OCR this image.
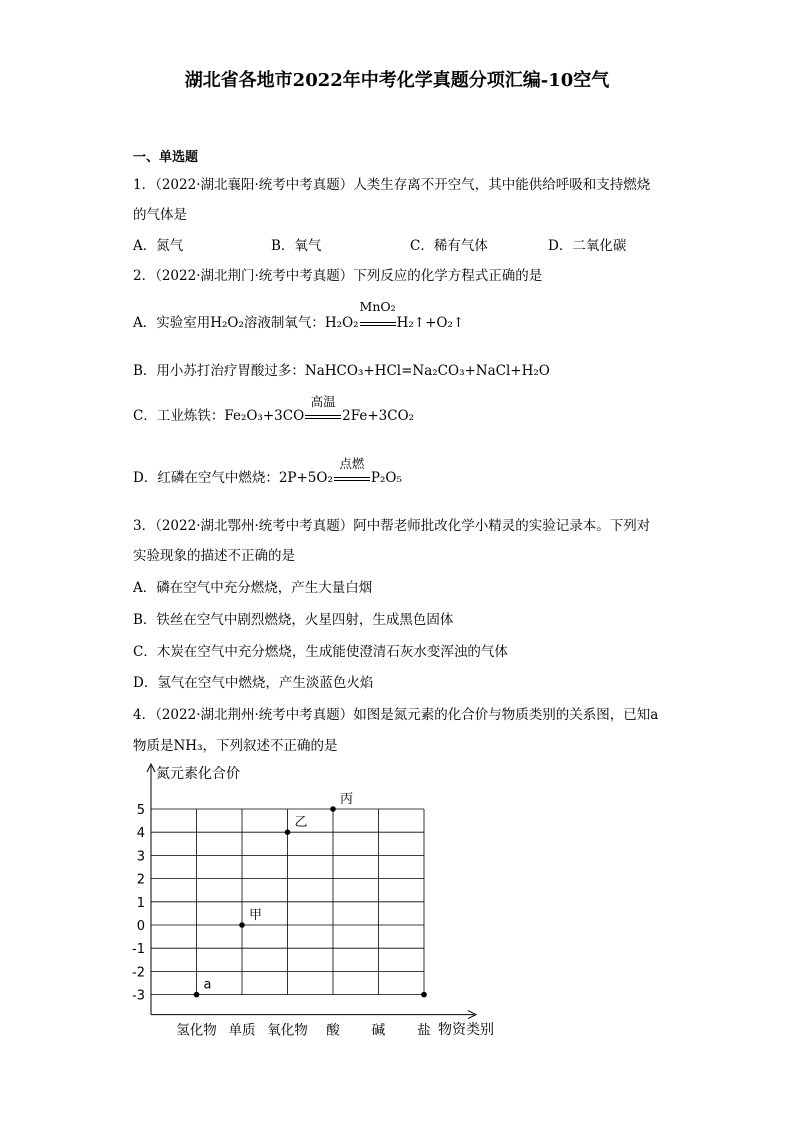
湖北省各地市2022年中考化学真题分项汇编-10空气
一、单选题
1．（2022·湖北襄阳·统考中考真题）人类生存离不开空气，其中能供给呼吸和支持燃烧
的气体是
A．氮气	B．氧气	C．稀有气体	D．二氧化碳
2．（2022·湖北荆门·统考中考真题）下列反应的化学方程式正确的是
A．实验室用H₂O₂溶液制氧气：H₂O₂
MnO₂
H₂↑+O₂↑
B．用小苏打治疗胃酸过多：NaHCO₃+HCl=Na₂CO₃+NaCl+H₂O
C．工业炼铁：Fe₂O₃+3CO
高温
2Fe+3CO₂
D．红磷在空气中燃烧：2P+5O₂
点燃
P₂O₅
3．（2022·湖北鄂州·统考中考真题）阿中帮老师批改化学小精灵的实验记录本。下列对
实验现象的描述不正确的是
A．磷在空气中充分燃烧，产生大量白烟
B．铁丝在空气中剧烈燃烧，火星四射，生成黑色固体
C．木炭在空气中充分燃烧，生成能使澄清石灰水变浑浊的气体
D．氢气在空气中燃烧，产生淡蓝色火焰
4．（2022·湖北荆州·统考中考真题）如图是氮元素的化合价与物质类别的关系图，已知a
物质是NH₃，下列叙述不正确的是
5
4
3
2
1
0
-1
-2
-3
氢化物 单质 氧化物 酸 碱 盐
a
甲
乙
丙
氮元素化合价
物资类别
